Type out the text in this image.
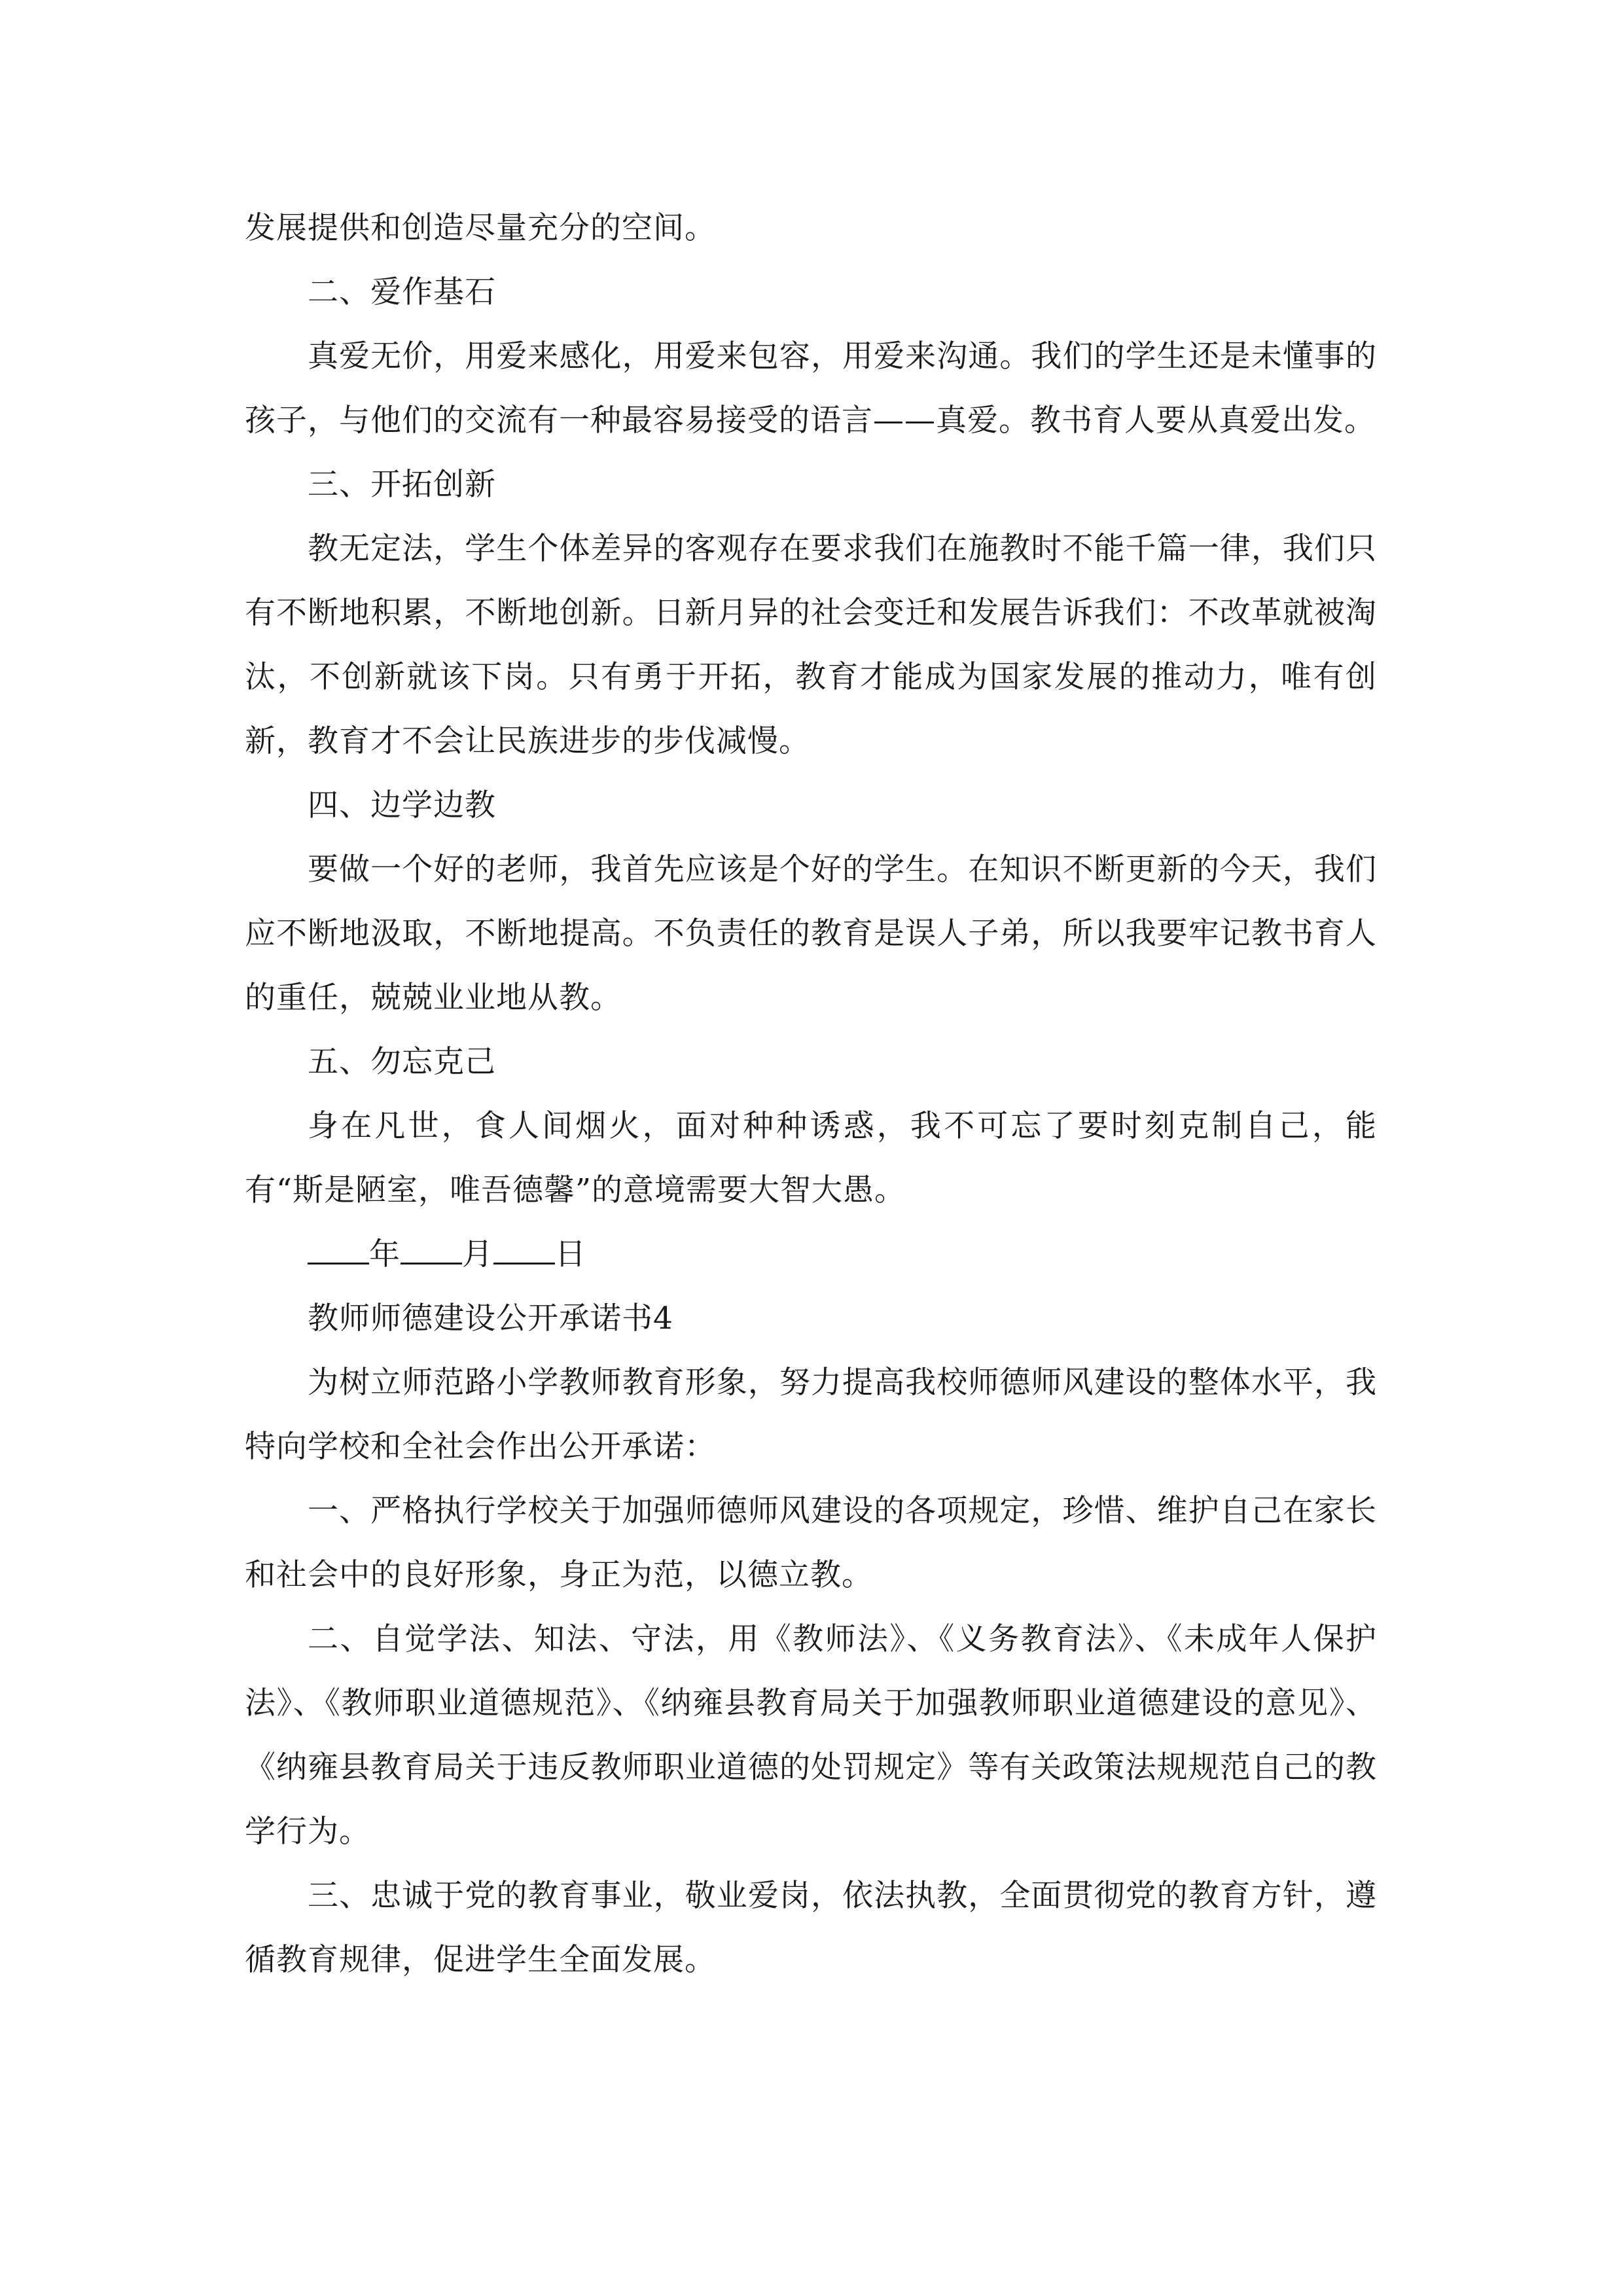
发展提供和创造尽量充分的空间。

二、爱作基石

真爱无价，用爱来感化，用爱来包容，用爱来沟通。我们的学生还是未懂事的孩子，与他们的交流有一种最容易接受的语言——真爱。教书育人要从真爱出发。

三、开拓创新

教无定法，学生个体差异的客观存在要求我们在施教时不能千篇一律，我们只有不断地积累，不断地创新。日新月异的社会变迁和发展告诉我们：不改革就被淘汰，不创新就该下岗。只有勇于开拓，教育才能成为国家发展的推动力，唯有创新，教育才不会让民族进步的步伐减慢。

四、边学边教

要做一个好的老师，我首先应该是个好的学生。在知识不断更新的今天，我们应不断地汲取，不断地提高。不负责任的教育是误人子弟，所以我要牢记教书育人的重任，兢兢业业地从教。

五、勿忘克己

身在凡世，食人间烟火，面对种种诱惑，我不可忘了要时刻克制自己，能有“斯是陋室，唯吾德馨”的意境需要大智大愚。

年 月 日

教师师德建设公开承诺书4

为树立师范路小学教师教育形象，努力提高我校师德师风建设的整体水平，我特向学校和全社会作出公开承诺：

一、严格执行学校关于加强师德师风建设的各项规定，珍惜、维护自己在家长和社会中的良好形象，身正为范，以德立教。

二、自觉学法、知法、守法，用《教师法》、《义务教育法》、《未成年人保护法》、《教师职业道德规范》、《纳雍县教育局关于加强教师职业道德建设的意见》、《纳雍县教育局关于违反教师职业道德的处罚规定》等有关政策法规规范自己的教学行为。

三、忠诚于党的教育事业，敬业爱岗，依法执教，全面贯彻党的教育方针，遵循教育规律，促进学生全面发展。
